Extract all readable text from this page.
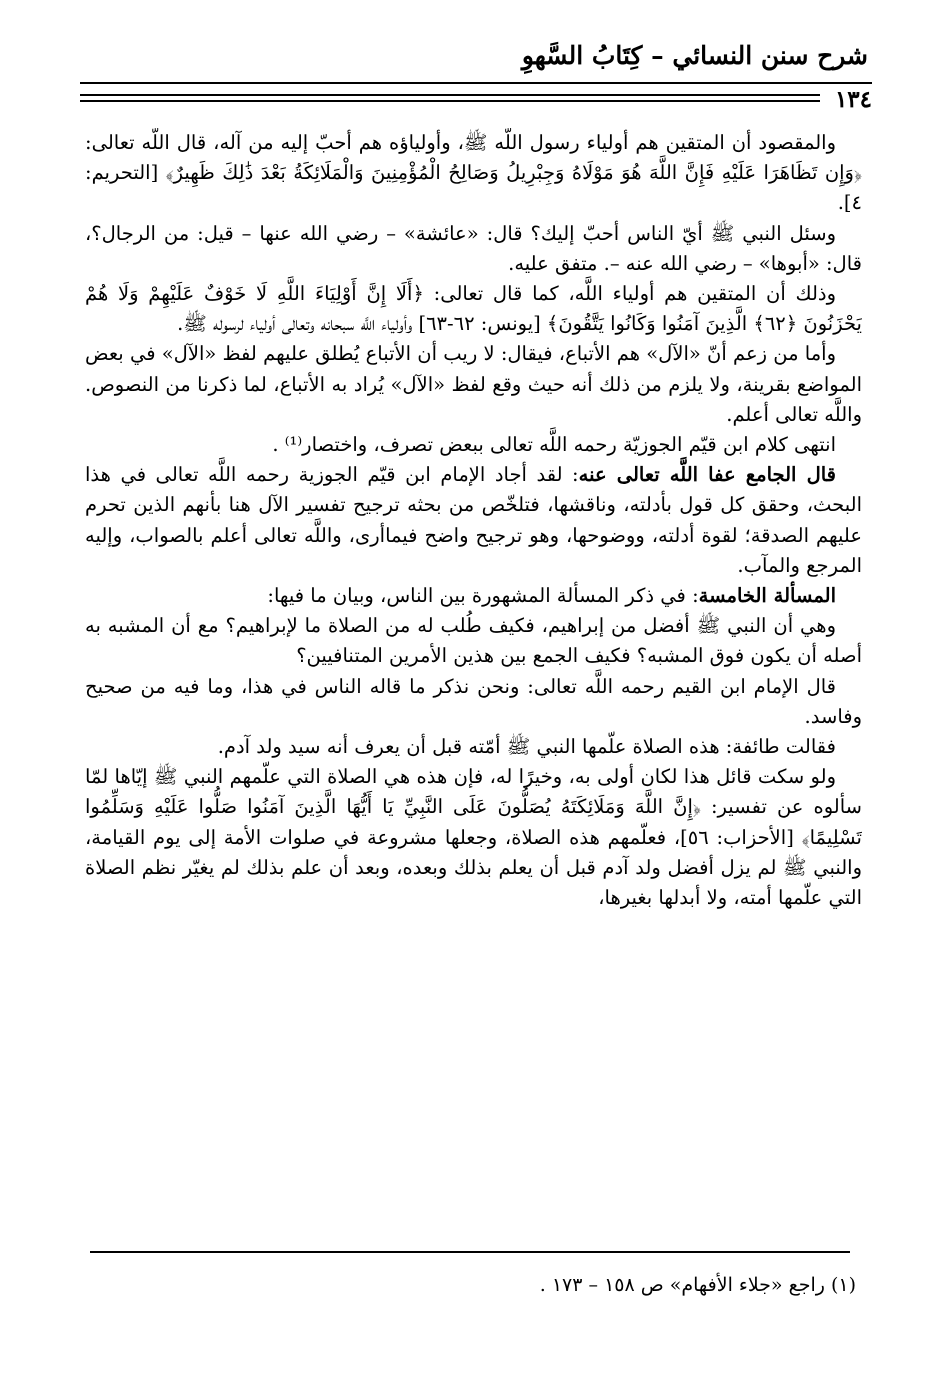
شرح سنن النسائي – كِتَابُ السَّهوِ
١٣٤

والمقصود أن المتقين هم أولياء رسول اللَّه ﷺ، وأولياؤه هم أحبّ إليه من آله، قال اللَّه تعالى: ﴿وَإِن تَظَاهَرَا عَلَيْهِ فَإِنَّ اللَّهَ هُوَ مَوْلَاهُ وَجِبْرِيلُ وَصَالِحُ الْمُؤْمِنِينَ وَالْمَلَائِكَةُ بَعْدَ ذَٰلِكَ ظَهِيرٌ﴾ [التحريم: ٤].

وسئل النبي ﷺ أيّ الناس أحبّ إليك؟ قال: «عائشة» – رضي الله عنها – قيل: من الرجال؟، قال: «أبوها» – رضي الله عنه –. متفق عليه.

وذلك أن المتقين هم أولياء اللَّه، كما قال تعالى: ﴿أَلَا إِنَّ أَوْلِيَاءَ اللَّهِ لَا خَوْفٌ عَلَيْهِمْ وَلَا هُمْ يَحْزَنُونَ ﴿٦٢﴾ الَّذِينَ آمَنُوا وَكَانُوا يَتَّقُونَ﴾ [يونس: ٦٢-٦٣] وأولياء اللَّه سبحانه وتعالى أولياء لرسوله ﷺ.

وأما من زعم أنّ «الآل» هم الأتباع، فيقال: لا ريب أن الأتباع يُطلق عليهم لفظ «الآل» في بعض المواضع بقرينة، ولا يلزم من ذلك أنه حيث وقع لفظ «الآل» يُراد به الأتباع، لما ذكرنا من النصوص. واللَّه تعالى أعلم.

انتهى كلام ابن قيّم الجوزيّة رحمه اللَّه تعالى ببعض تصرف، واختصار⁽¹⁾ .

قال الجامع عفا اللَّه تعالى عنه: لقد أجاد الإمام ابن قيّم الجوزية رحمه اللَّه تعالى في هذا البحث، وحقق كل قول بأدلته، وناقشها، فتلخّص من بحثه ترجيح تفسير الآل هنا بأنهم الذين تحرم عليهم الصدقة؛ لقوة أدلته، ووضوحها، وهو ترجيح واضح فيماأرى، واللَّه تعالى أعلم بالصواب، وإليه المرجع والمآب.

المسألة الخامسة: في ذكر المسألة المشهورة بين الناس، وبيان ما فيها:

وهي أن النبي ﷺ أفضل من إبراهيم، فكيف طُلب له من الصلاة ما لإبراهيم؟ مع أن المشبه به أصله أن يكون فوق المشبه؟ فكيف الجمع بين هذين الأمرين المتنافيين؟

قال الإمام ابن القيم رحمه اللَّه تعالى: ونحن نذكر ما قاله الناس في هذا، وما فيه من صحيح وفاسد.

فقالت طائفة: هذه الصلاة علّمها النبي ﷺ أمّته قبل أن يعرف أنه سيد ولد آدم.

ولو سكت قائل هذا لكان أولى به، وخيرًا له، فإن هذه هي الصلاة التي علّمهم النبي ﷺ إيّاها لمّا سألوه عن تفسير: ﴿إِنَّ اللَّهَ وَمَلَائِكَتَهُ يُصَلُّونَ عَلَى النَّبِيِّ يَا أَيُّهَا الَّذِينَ آمَنُوا صَلُّوا عَلَيْهِ وَسَلِّمُوا تَسْلِيمًا﴾ [الأحزاب: ٥٦]، فعلّمهم هذه الصلاة، وجعلها مشروعة في صلوات الأمة إلى يوم القيامة، والنبي ﷺ لم يزل أفضل ولد آدم قبل أن يعلم بذلك وبعده، وبعد أن علم بذلك لم يغيّر نظم الصلاة التي علّمها أمته، ولا أبدلها بغيرها،

(١) راجع «جلاء الأفهام» ص ١٥٨ – ١٧٣ .
